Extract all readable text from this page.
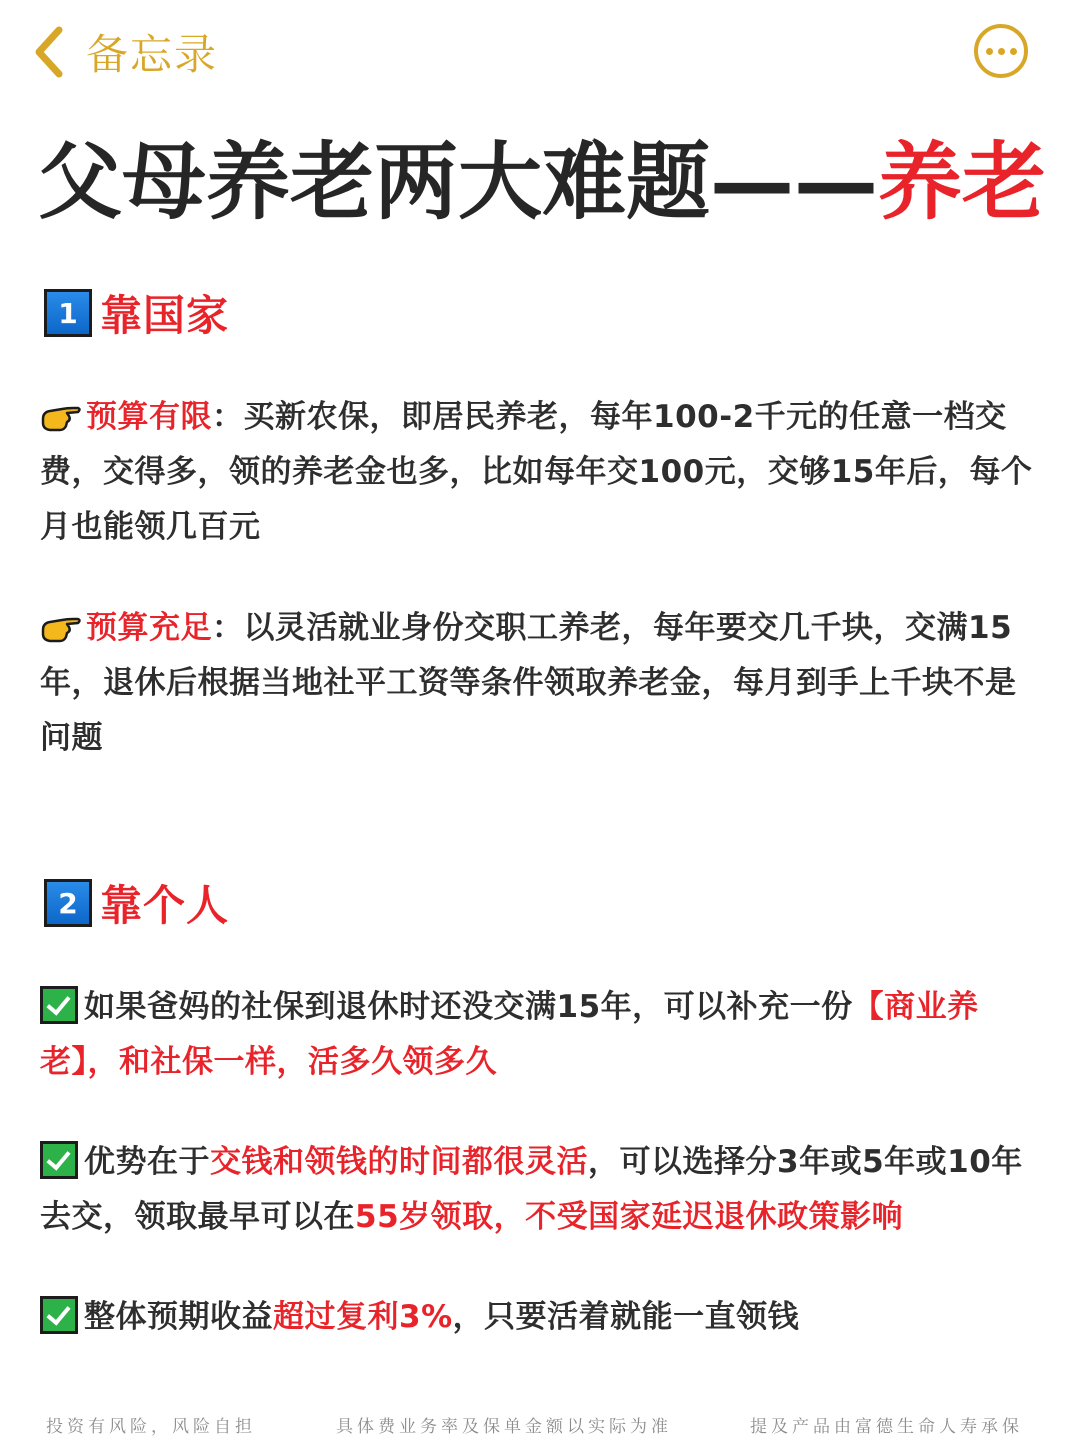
备忘录
父母养老两大难题——养老
1 靠国家
预算有限：买新农保，即居民养老，每年100-2千元的任意一档交费，交得多，领的养老金也多，比如每年交100元，交够15年后，每个月也能领几百元
预算充足：以灵活就业身份交职工养老，每年要交几千块，交满15年，退休后根据当地社平工资等条件领取养老金，每月到手上千块不是问题
2 靠个人
如果爸妈的社保到退休时还没交满15年，可以补充一份【商业养老】，和社保一样，活多久领多久
优势在于交钱和领钱的时间都很灵活，可以选择分3年或5年或10年去交，领取最早可以在55岁领取，不受国家延迟退休政策影响
整体预期收益超过复利3%，只要活着就能一直领钱
投资有风险，风险自担	具体费业务率及保单金额以实际为准	提及产品由富德生命人寿承保
